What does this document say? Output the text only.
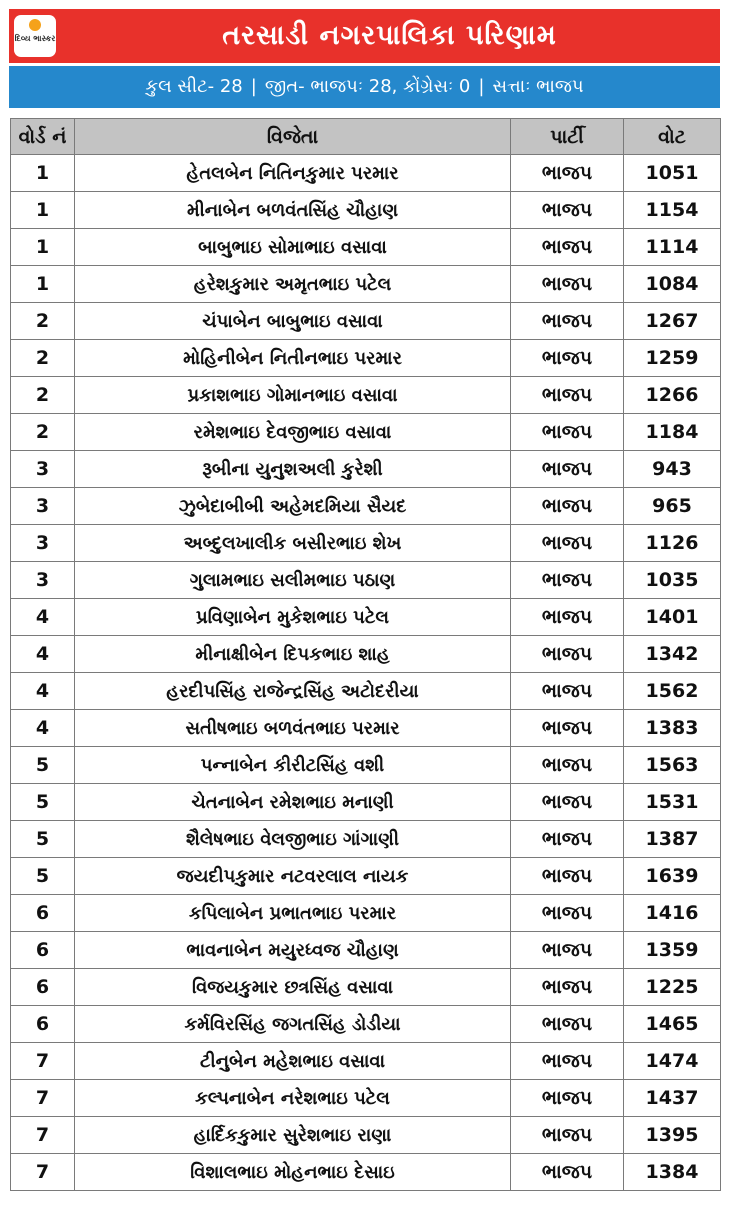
દિવ્ય ભાસ્કર	તરસાડી નગરપાલિકા પરિણામ
કુલ સીટ- 28 | જીત- ભાજપઃ 28, કોંગ્રેસઃ 0 | સત્તાઃ ભાજપ
વોર્ડ નં	વિજેતા	પાર્ટી	વોટ
1	હેતલબેન નિતિનકુમાર પરમાર	ભાજપ	1051
1	મીનાબેન બળવંતસિંહ ચૌહાણ	ભાજપ	1154
1	બાબુભાઇ સોમાભાઇ વસાવા	ભાજપ	1114
1	હરેશકુમાર અમૃતભાઇ પટેલ	ભાજપ	1084
2	ચંપાબેન બાબુભાઇ વસાવા	ભાજપ	1267
2	મોહિનીબેન નિતીનભાઇ પરમાર	ભાજપ	1259
2	પ્રકાશભાઇ ગોમાનભાઇ વસાવા	ભાજપ	1266
2	રમેશભાઇ દેવજીભાઇ વસાવા	ભાજપ	1184
3	રૂબીના યુનુશઅલી કુરેશી	ભાજપ	943
3	ઝુબેદાબીબી અહેમદમિયા સૈયદ	ભાજપ	965
3	અબ્દુલખાલીક બસીરભાઇ શેખ	ભાજપ	1126
3	ગુલામભાઇ સલીમભાઇ પઠાણ	ભાજપ	1035
4	પ્રવિણાબેન મુકેશભાઇ પટેલ	ભાજપ	1401
4	મીનાક્ષીબેન દિપકભાઇ શાહ	ભાજપ	1342
4	હરદીપસિંહ રાજેન્દ્રસિંહ અટોદરીયા	ભાજપ	1562
4	સતીષભાઇ બળવંતભાઇ પરમાર	ભાજપ	1383
5	પન્નાબેન કીરીટસિંહ વશી	ભાજપ	1563
5	ચેતનાબેન રમેશભાઇ મનાણી	ભાજપ	1531
5	શૈલેષભાઇ વેલજીભાઇ ગાંગાણી	ભાજપ	1387
5	જયદીપકુમાર નટવરલાલ નાયક	ભાજપ	1639
6	કપિલાબેન પ્રભાતભાઇ પરમાર	ભાજપ	1416
6	ભાવનાબેન મયુરધ્વજ ચૌહાણ	ભાજપ	1359
6	વિજયકુમાર છત્રસિંહ વસાવા	ભાજપ	1225
6	કર્મવિરસિંહ જગતસિંહ ડોડીયા	ભાજપ	1465
7	ટીનુબેન મહેશભાઇ વસાવા	ભાજપ	1474
7	કલ્પનાબેન નરેશભાઇ પટેલ	ભાજપ	1437
7	હાર્દિકકુમાર સુરેશભાઇ રાણા	ભાજપ	1395
7	વિશાલભાઇ મોહનભાઇ દેસાઇ	ભાજપ	1384
